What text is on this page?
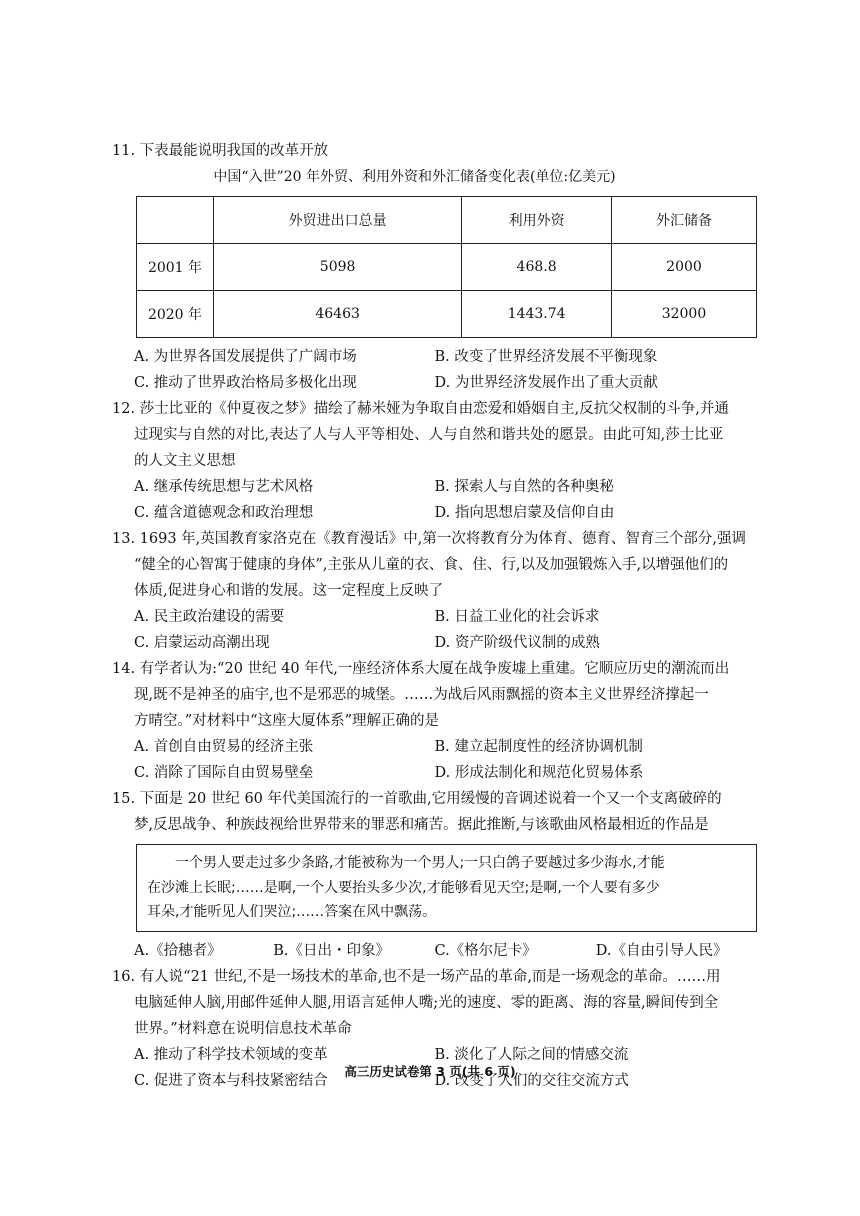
11. 下表最能说明我国的改革开放
中国“入世”20 年外贸、利用外资和外汇储备变化表(单位:亿美元)
	外贸进出口总量	利用外资	外汇储备
2001 年	5098	468.8	2000
2020 年	46463	1443.74	32000
A. 为世界各国发展提供了广阔市场	B. 改变了世界经济发展不平衡现象
C. 推动了世界政治格局多极化出现	D. 为世界经济发展作出了重大贡献
12. 莎士比亚的《仲夏夜之梦》描绘了赫米娅为争取自由恋爱和婚姻自主,反抗父权制的斗争,并通
过现实与自然的对比,表达了人与人平等相处、人与自然和谐共处的愿景。由此可知,莎士比亚
的人文主义思想
A. 继承传统思想与艺术风格	B. 探索人与自然的各种奥秘
C. 蕴含道德观念和政治理想	D. 指向思想启蒙及信仰自由
13. 1693 年,英国教育家洛克在《教育漫话》中,第一次将教育分为体育、德育、智育三个部分,强调
“健全的心智寓于健康的身体”,主张从儿童的衣、食、住、行,以及加强锻炼入手,以增强他们的
体质,促进身心和谐的发展。这一定程度上反映了
A. 民主政治建设的需要	B. 日益工业化的社会诉求
C. 启蒙运动高潮出现	D. 资产阶级代议制的成熟
14. 有学者认为:“20 世纪 40 年代,一座经济体系大厦在战争废墟上重建。它顺应历史的潮流而出
现,既不是神圣的庙宇,也不是邪恶的城堡。……为战后风雨飘摇的资本主义世界经济撑起一
方晴空。”对材料中“这座大厦体系”理解正确的是
A. 首创自由贸易的经济主张	B. 建立起制度性的经济协调机制
C. 消除了国际自由贸易壁垒	D. 形成法制化和规范化贸易体系
15. 下面是 20 世纪 60 年代美国流行的一首歌曲,它用缓慢的音调述说着一个又一个支离破碎的
梦,反思战争、种族歧视给世界带来的罪恶和痛苦。据此推断,与该歌曲风格最相近的作品是
一个男人要走过多少条路,才能被称为一个男人;一只白鸽子要越过多少海水,才能
在沙滩上长眠;……是啊,一个人要抬头多少次,才能够看见天空;是啊,一个人要有多少
耳朵,才能听见人们哭泣;……答案在风中飘荡。
A.《拾穗者》	B.《日出・印象》	C.《格尔尼卡》	D.《自由引导人民》
16. 有人说“21 世纪,不是一场技术的革命,也不是一场产品的革命,而是一场观念的革命。……用
电脑延伸人脑,用邮件延伸人腿,用语言延伸人嘴;光的速度、零的距离、海的容量,瞬间传到全
世界。”材料意在说明信息技术革命
A. 推动了科学技术领域的变革	B. 淡化了人际之间的情感交流
C. 促进了资本与科技紧密结合	D. 改变了人们的交往交流方式
高三历史试卷第 3 页(共 6 页)
